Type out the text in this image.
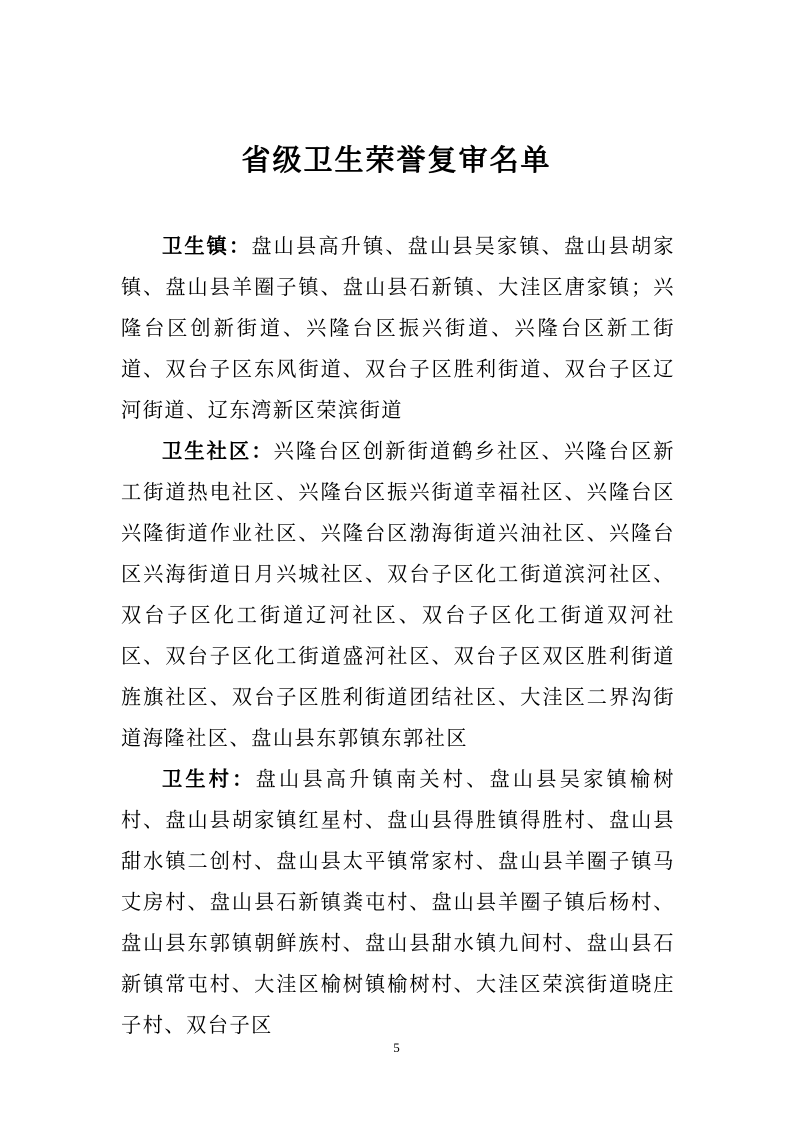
省级卫生荣誉复审名单

卫生镇：盘山县高升镇、盘山县吴家镇、盘山县胡家镇、盘山县羊圈子镇、盘山县石新镇、大洼区唐家镇；兴隆台区创新街道、兴隆台区振兴街道、兴隆台区新工街道、双台子区东风街道、双台子区胜利街道、双台子区辽河街道、辽东湾新区荣滨街道

卫生社区：兴隆台区创新街道鹤乡社区、兴隆台区新工街道热电社区、兴隆台区振兴街道幸福社区、兴隆台区兴隆街道作业社区、兴隆台区渤海街道兴油社区、兴隆台区兴海街道日月兴城社区、双台子区化工街道滨河社区、双台子区化工街道辽河社区、双台子区化工街道双河社区、双台子区化工街道盛河社区、双台子区双区胜利街道旌旗社区、双台子区胜利街道团结社区、大洼区二界沟街道海隆社区、盘山县东郭镇东郭社区

卫生村：盘山县高升镇南关村、盘山县吴家镇榆树村、盘山县胡家镇红星村、盘山县得胜镇得胜村、盘山县甜水镇二创村、盘山县太平镇常家村、盘山县羊圈子镇马丈房村、盘山县石新镇粪屯村、盘山县羊圈子镇后杨村、盘山县东郭镇朝鲜族村、盘山县甜水镇九间村、盘山县石新镇常屯村、大洼区榆树镇榆树村、大洼区荣滨街道晓庄子村、双台子区

5
